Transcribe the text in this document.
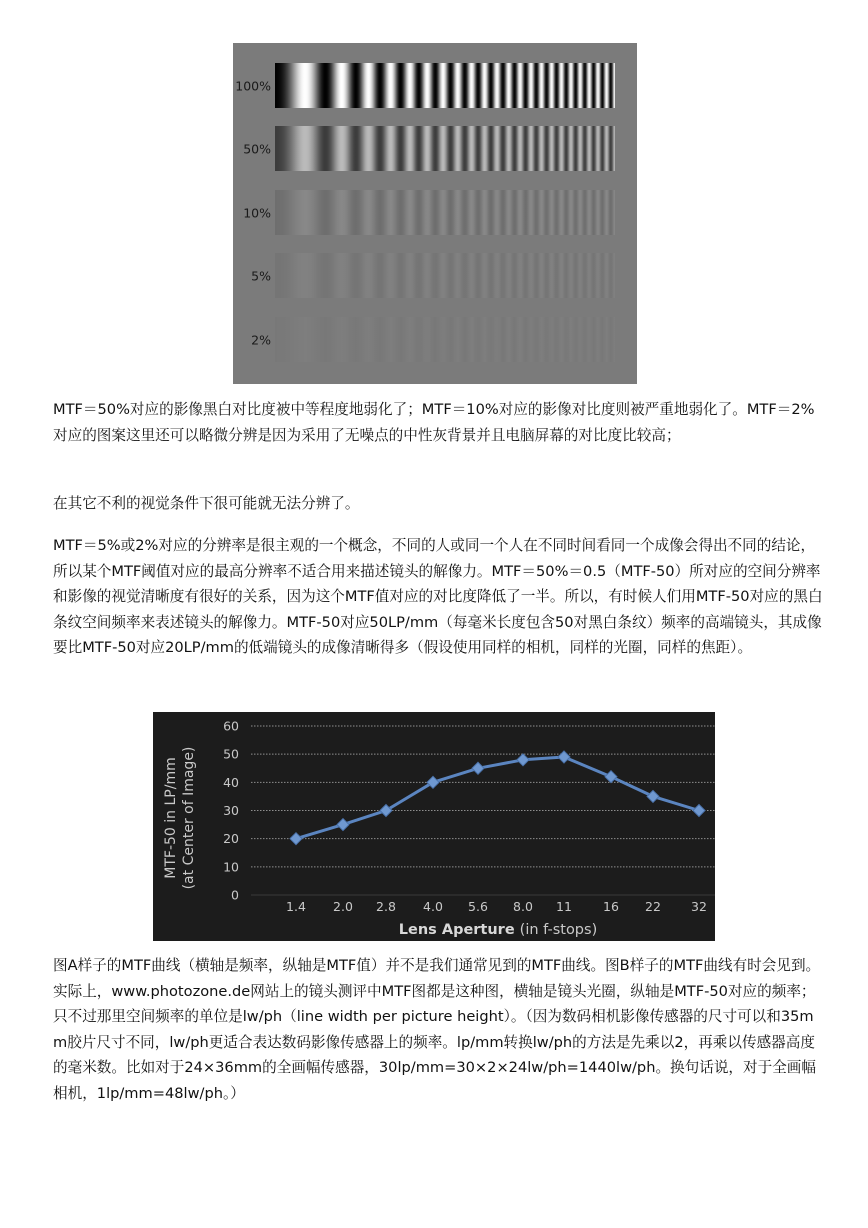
100%
50%
10%
5%
2%

MTF＝50%对应的影像黑白对比度被中等程度地弱化了；MTF＝10%对应的影像对比度则被严重地弱化了。MTF＝2%对应的图案这里还可以略微分辨是因为采用了无噪点的中性灰背景并且电脑屏幕的对比度比较高；

在其它不利的视觉条件下很可能就无法分辨了。

MTF＝5%或2%对应的分辨率是很主观的一个概念，不同的人或同一个人在不同时间看同一个成像会得出不同的结论，所以某个MTF阈值对应的最高分辨率不适合用来描述镜头的解像力。MTF＝50%＝0.5（MTF-50）所对应的空间分辨率和影像的视觉清晰度有很好的关系，因为这个MTF值对应的对比度降低了一半。所以，有时候人们用MTF-50对应的黑白条纹空间频率来表述镜头的解像力。MTF-50对应50LP/mm（每毫米长度包含50对黑白条纹）频率的高端镜头，其成像要比MTF-50对应20LP/mm的低端镜头的成像清晰得多（假设使用同样的相机，同样的光圈，同样的焦距）。

0
10
20
30
40
50
60
1.4 2.0 2.8 4.0 5.6 8.0 11 16 22 32
MTF-50 in LP/mm (at Center of Image)
Lens Aperture (in f-stops)

图A样子的MTF曲线（横轴是频率，纵轴是MTF值）并不是我们通常见到的MTF曲线。图B样子的MTF曲线有时会见到。实际上，www.photozone.de网站上的镜头测评中MTF图都是这种图，横轴是镜头光圈，纵轴是MTF-50对应的频率；只不过那里空间频率的单位是lw/ph（line width per picture height）。（因为数码相机影像传感器的尺寸可以和35mm胶片尺寸不同，lw/ph更适合表达数码影像传感器上的频率。lp/mm转换lw/ph的方法是先乘以2，再乘以传感器高度的毫米数。比如对于24×36mm的全画幅传感器，30lp/mm=30×2×24lw/ph=1440lw/ph。换句话说，对于全画幅相机，1lp/mm=48lw/ph。）
